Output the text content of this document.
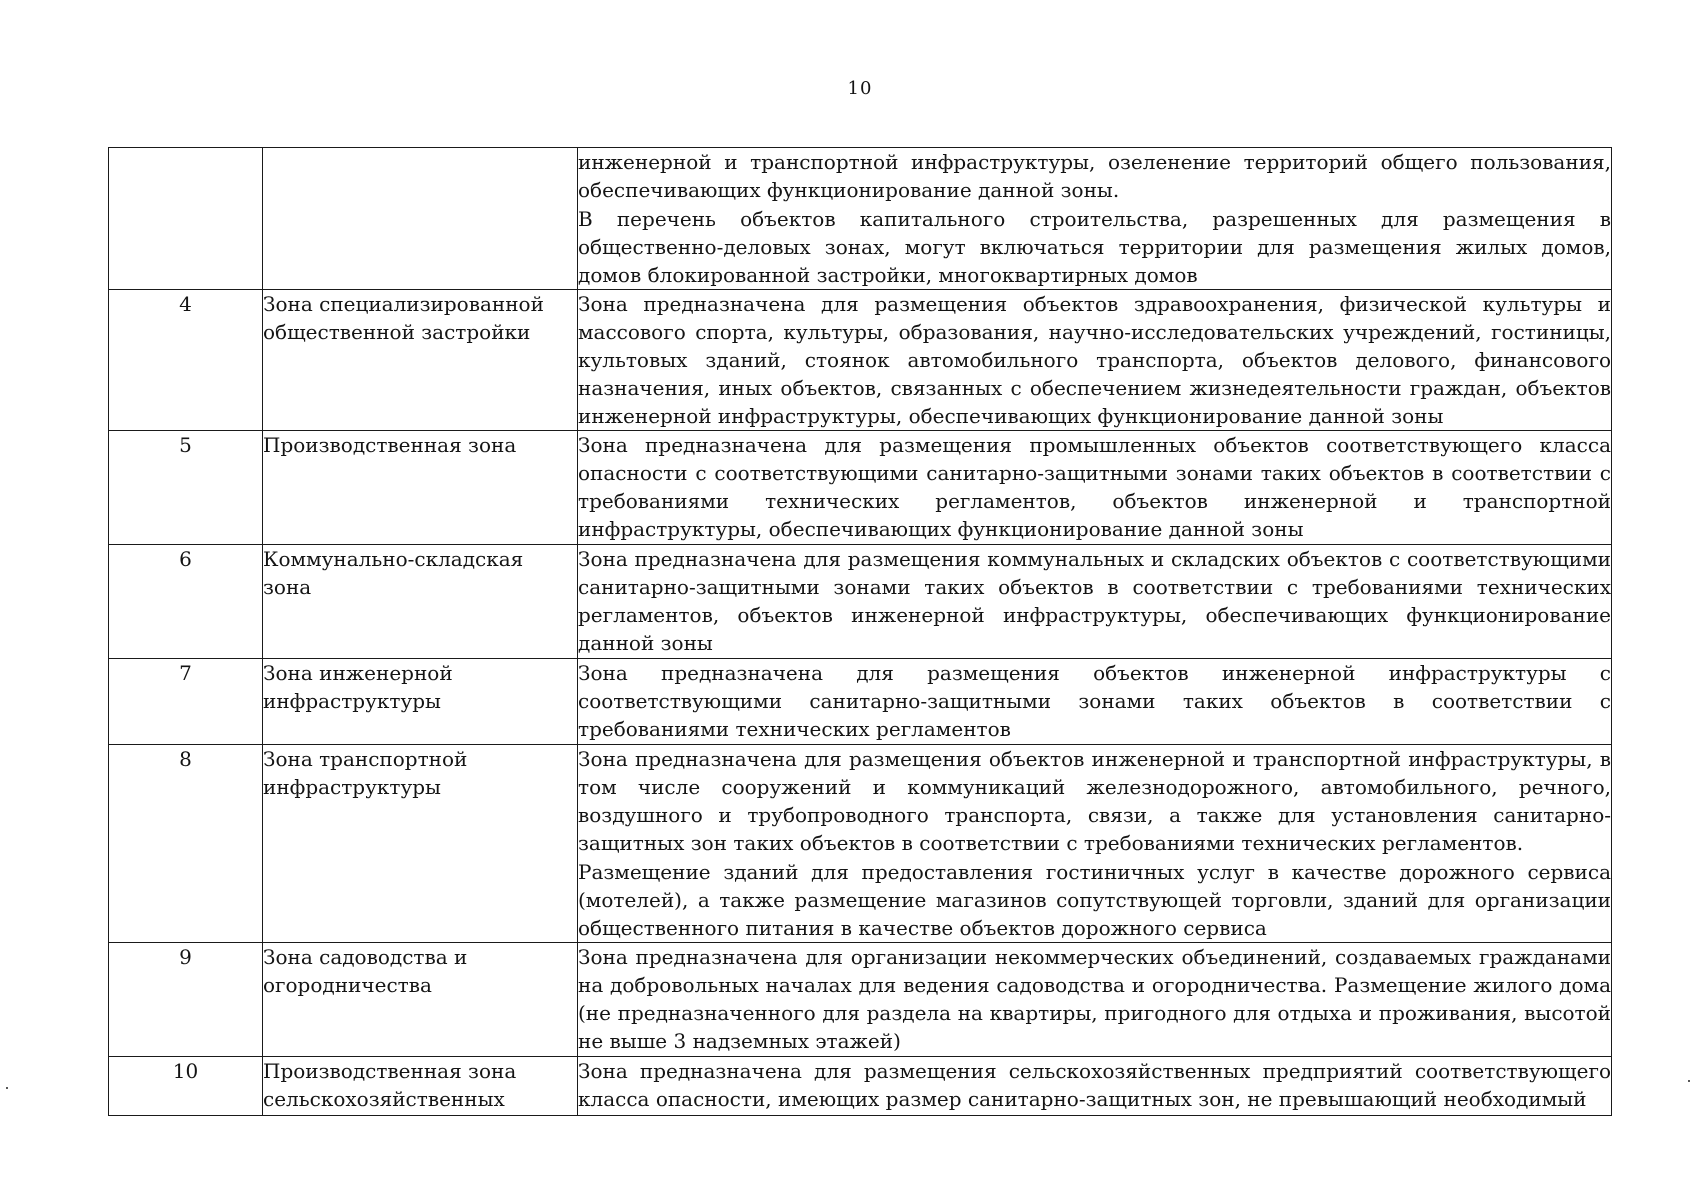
10

		инженерной и транспортной инфраструктуры, озеленение территорий общего пользования, обеспечивающих функционирование данной зоны.

В перечень объектов капитального строительства, разрешенных для размещения в общественно-деловых зонах, могут включаться территории для размещения жилых домов, домов блокированной застройки, многоквартирных домов

4	Зона специализированной общественной застройки	Зона предназначена для размещения объектов здравоохранения, физической культуры и массового спорта, культуры, образования, научно-исследовательских учреждений, гостиницы, культовых зданий, стоянок автомобильного транспорта, объектов делового, финансового назначения, иных объектов, связанных с обеспечением жизнедеятельности граждан, объектов инженерной инфраструктуры, обеспечивающих функционирование данной зоны

5	Производственная зона	Зона предназначена для размещения промышленных объектов соответствующего класса опасности с соответствующими санитарно-защитными зонами таких объектов в соответствии с требованиями технических регламентов, объектов инженерной и транспортной инфраструктуры, обеспечивающих функционирование данной зоны

6	Коммунально-складская зона	Зона предназначена для размещения коммунальных и складских объектов с соответствующими санитарно-защитными зонами таких объектов в соответствии с требованиями технических регламентов, объектов инженерной инфраструктуры, обеспечивающих функционирование данной зоны

7	Зона инженерной инфраструктуры	Зона предназначена для размещения объектов инженерной инфраструктуры с соответствующими санитарно-защитными зонами таких объектов в соответствии с требованиями технических регламентов

8	Зона транспортной инфраструктуры	Зона предназначена для размещения объектов инженерной и транспортной инфраструктуры, в том числе сооружений и коммуникаций железнодорожного, автомобильного, речного, воздушного и трубопроводного транспорта, связи, а также для установления санитарно-защитных зон таких объектов в соответствии с требованиями технических регламентов.

Размещение зданий для предоставления гостиничных услуг в качестве дорожного сервиса (мотелей), а также размещение магазинов сопутствующей торговли, зданий для организации общественного питания в качестве объектов дорожного сервиса

9	Зона садоводства и огородничества	Зона предназначена для организации некоммерческих объединений, создаваемых гражданами на добровольных началах для ведения садоводства и огородничества. Размещение жилого дома (не предназначенного для раздела на квартиры, пригодного для отдыха и проживания, высотой не выше 3 надземных этажей)

10	Производственная зона сельскохозяйственных	Зона предназначена для размещения сельскохозяйственных предприятий соответствующего класса опасности, имеющих размер санитарно-защитных зон, не превышающий необходимый
